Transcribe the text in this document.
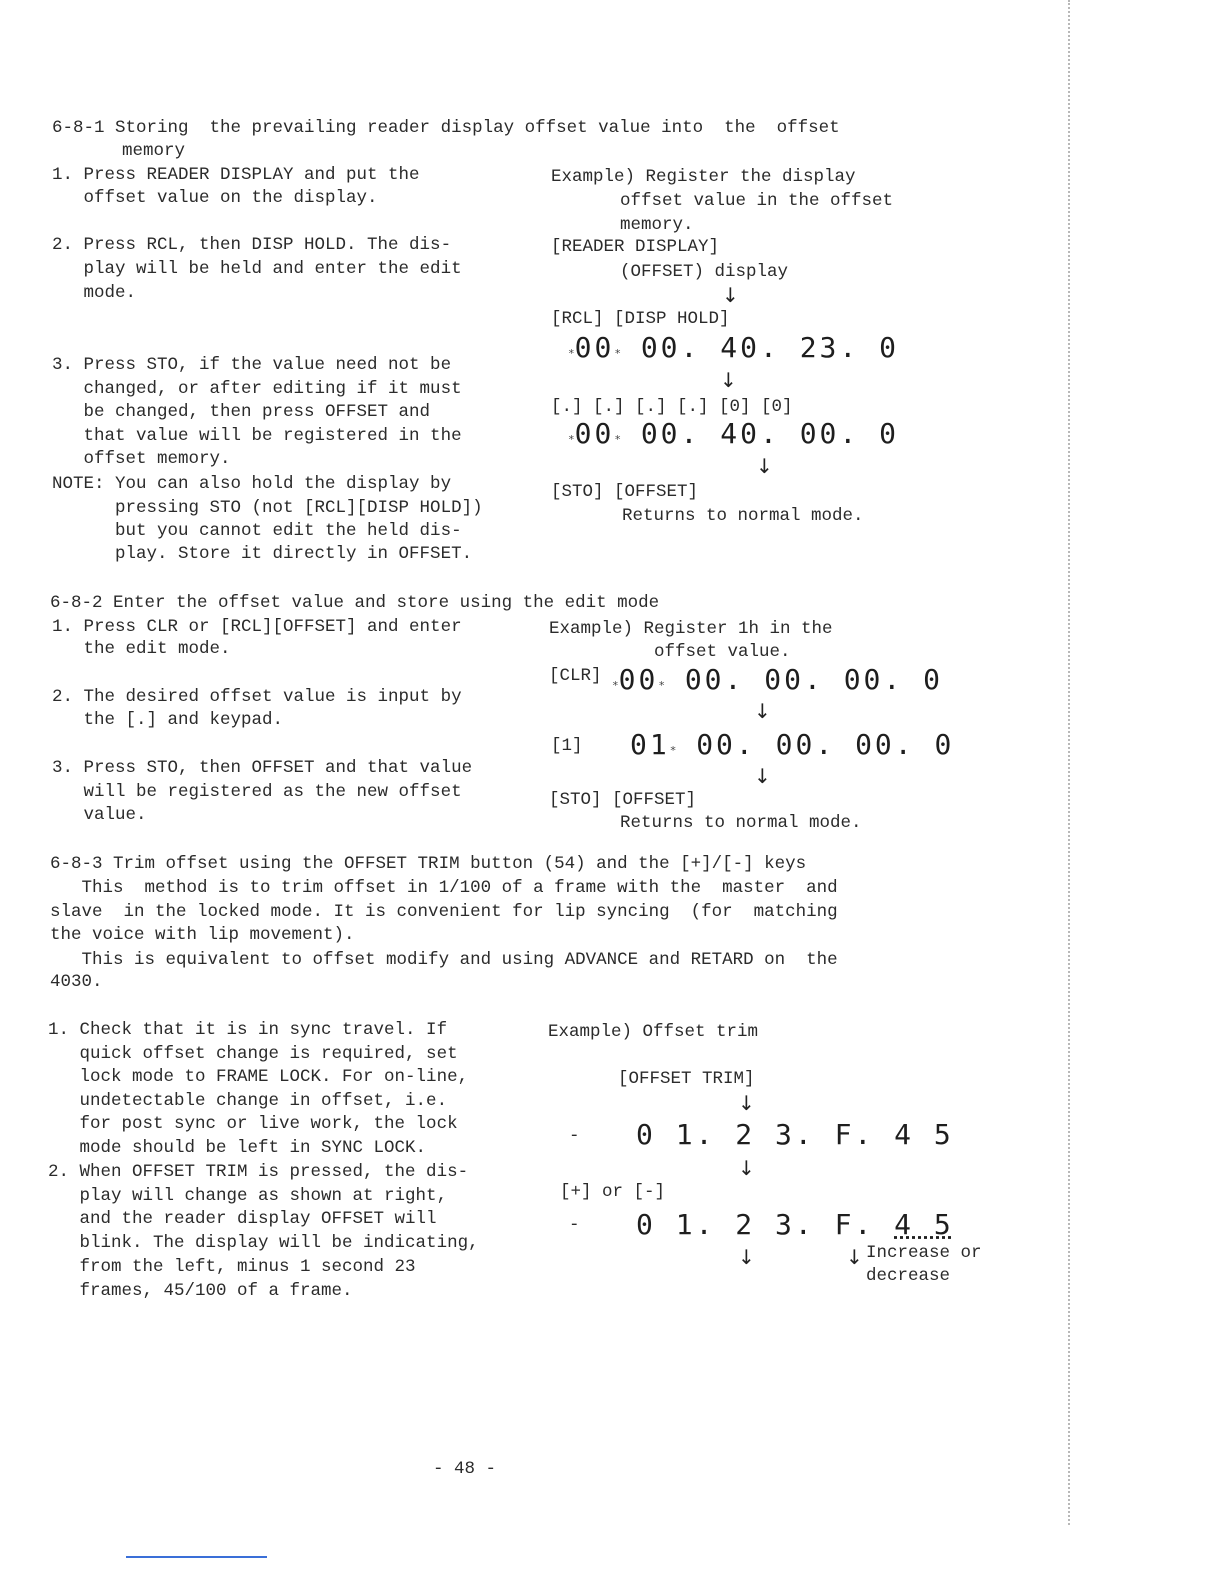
6-8-1 Storing  the prevailing reader display offset value into  the  offset
memory
1. Press READER DISPLAY and put the
offset value on the display.
2. Press RCL, then DISP HOLD. The dis-
play will be held and enter the edit
mode.
3. Press STO, if the value need not be
changed, or after editing if it must
be changed, then press OFFSET and
that value will be registered in the
offset memory.
NOTE: You can also hold the display by
pressing STO (not [RCL][DISP HOLD])
but you cannot edit the held dis-
play. Store it directly in OFFSET.
Example) Register the display
offset value in the offset
memory.
[READER DISPLAY]
(OFFSET) display
↓
[RCL] [DISP HOLD]
*00* 00. 40. 23. 0
↓
[.] [.] [.] [.] [0] [0]
*00* 00. 40. 00. 0
↓
[STO] [OFFSET]
Returns to normal mode.
6-8-2 Enter the offset value and store using the edit mode
1. Press CLR or [RCL][OFFSET] and enter
the edit mode.
2. The desired offset value is input by
the [.] and keypad.
3. Press STO, then OFFSET and that value
will be registered as the new offset
value.
Example) Register 1h in the
offset value.
[CLR] *00* 00. 00. 00. 0
↓
[1] 01* 00. 00. 00. 0
↓
[STO] [OFFSET]
Returns to normal mode.
6-8-3 Trim offset using the OFFSET TRIM button (54) and the [+]/[-] keys
This  method is to trim offset in 1/100 of a frame with the  master  and
slave  in the locked mode. It is convenient for lip syncing  (for  matching
the voice with lip movement).
This is equivalent to offset modify and using ADVANCE and RETARD on  the
4030.
1. Check that it is in sync travel. If
quick offset change is required, set
lock mode to FRAME LOCK. For on-line,
undetectable change in offset, i.e.
for post sync or live work, the lock
mode should be left in SYNC LOCK.
2. When OFFSET TRIM is pressed, the dis-
play will change as shown at right,
and the reader display OFFSET will
blink. The display will be indicating,
from the left, minus 1 second 23
frames, 45/100 of a frame.
Example) Offset trim
[OFFSET TRIM]
↓
- 0 1. 2 3. F. 4 5
↓
[+] or [-]
- 0 1. 2 3. F. 4 5
↓	↓ Increase or
decrease
- 48 -
